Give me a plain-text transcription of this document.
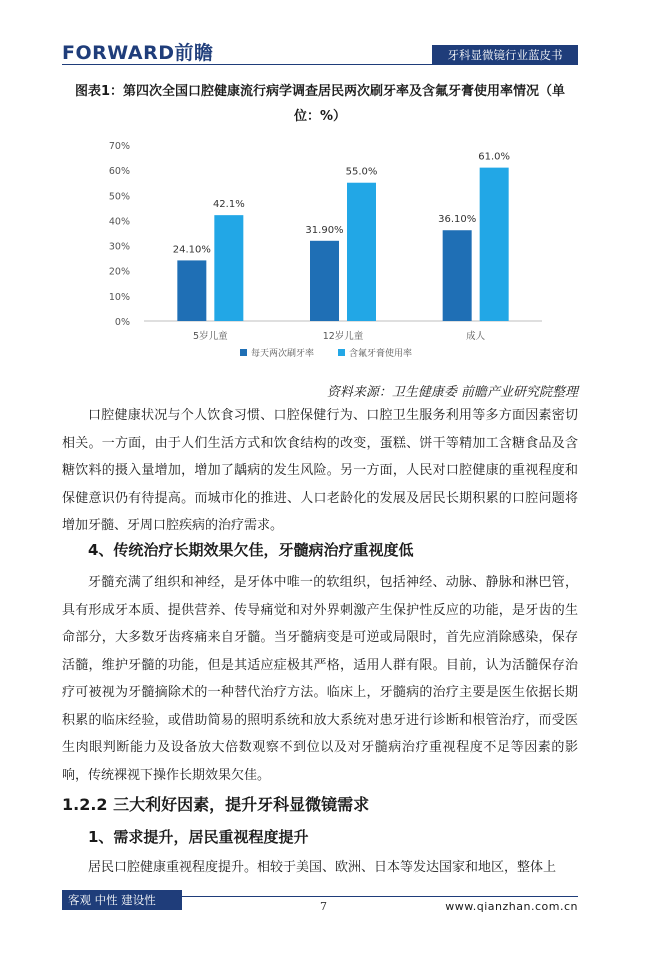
FORWARD前瞻	牙科显微镜行业蓝皮书
图表1：第四次全国口腔健康流行病学调查居民两次刷牙率及含氟牙膏使用率情况（单位：%）
0%
10%
20%
30%
40%
50%
60%
70%
24.10%
42.1%
5岁儿童
31.90%
55.0%
12岁儿童
36.10%
61.0%
成人
每天两次刷牙率	含氟牙膏使用率
资料来源：卫生健康委 前瞻产业研究院整理

口腔健康状况与个人饮食习惯、口腔保健行为、口腔卫生服务利用等多方面因素密切相关。一方面，由于人们生活方式和饮食结构的改变，蛋糕、饼干等精加工含糖食品及含糖饮料的摄入量增加，增加了龋病的发生风险。另一方面，人民对口腔健康的重视程度和保健意识仍有待提高。而城市化的推进、人口老龄化的发展及居民长期积累的口腔问题将增加牙髓、牙周口腔疾病的治疗需求。

4、传统治疗长期效果欠佳，牙髓病治疗重视度低

牙髓充满了组织和神经，是牙体中唯一的软组织，包括神经、动脉、静脉和淋巴管，具有形成牙本质、提供营养、传导痛觉和对外界刺激产生保护性反应的功能，是牙齿的生命部分，大多数牙齿疼痛来自牙髓。当牙髓病变是可逆或局限时，首先应消除感染，保存活髓，维护牙髓的功能，但是其适应症极其严格，适用人群有限。目前，认为活髓保存治疗可被视为牙髓摘除术的一种替代治疗方法。临床上，牙髓病的治疗主要是医生依据长期积累的临床经验，或借助简易的照明系统和放大系统对患牙进行诊断和根管治疗，而受医生肉眼判断能力及设备放大倍数观察不到位以及对牙髓病治疗重视程度不足等因素的影响，传统裸视下操作长期效果欠佳。

1.2.2 三大利好因素，提升牙科显微镜需求

1、需求提升，居民重视程度提升

居民口腔健康重视程度提升。相较于美国、欧洲、日本等发达国家和地区，整体上

客观 中性 建设性	7	www.qianzhan.com.cn
